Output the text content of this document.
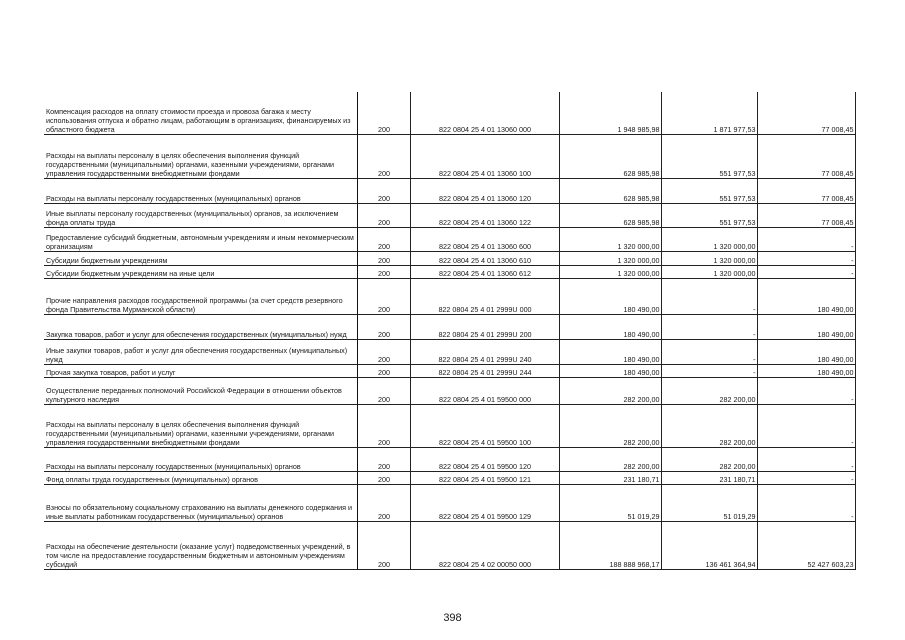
Компенсация расходов на оплату стоимости проезда и провоза багажа к месту использования отпуска и обратно лицам, работающим в организациях, финансируемых из областного бюджета	200	822 0804 25 4 01 13060 000	1 948 985,98	1 871 977,53	77 008,45
Расходы на выплаты персоналу в целях обеспечения выполнения функций государственными (муниципальными) органами, казенными учреждениями, органами управления государственными внебюджетными фондами	200	822 0804 25 4 01 13060 100	628 985,98	551 977,53	77 008,45
Расходы на выплаты персоналу государственных (муниципальных) органов	200	822 0804 25 4 01 13060 120	628 985,98	551 977,53	77 008,45
Иные выплаты персоналу государственных (муниципальных) органов, за исключением фонда оплаты труда	200	822 0804 25 4 01 13060 122	628 985,98	551 977,53	77 008,45
Предоставление субсидий бюджетным, автономным учреждениям и иным некоммерческим организациям	200	822 0804 25 4 01 13060 600	1 320 000,00	1 320 000,00	-
Субсидии бюджетным учреждениям	200	822 0804 25 4 01 13060 610	1 320 000,00	1 320 000,00	-
Субсидии бюджетным учреждениям на иные цели	200	822 0804 25 4 01 13060 612	1 320 000,00	1 320 000,00	-
Прочие направления расходов государственной программы (за счет средств резервного фонда Правительства Мурманской области)	200	822 0804 25 4 01 2999U 000	180 490,00	-	180 490,00
Закупка товаров, работ и услуг для обеспечения государственных (муниципальных) нужд	200	822 0804 25 4 01 2999U 200	180 490,00	-	180 490,00
Иные закупки товаров, работ и услуг для обеспечения государственных (муниципальных) нужд	200	822 0804 25 4 01 2999U 240	180 490,00	-	180 490,00
Прочая закупка товаров, работ и услуг	200	822 0804 25 4 01 2999U 244	180 490,00	-	180 490,00
Осуществление переданных полномочий Российской Федерации в отношении объектов культурного наследия	200	822 0804 25 4 01 59500 000	282 200,00	282 200,00	-
Расходы на выплаты персоналу в целях обеспечения выполнения функций государственными (муниципальными) органами, казенными учреждениями, органами управления государственными внебюджетными фондами	200	822 0804 25 4 01 59500 100	282 200,00	282 200,00	-
Расходы на выплаты персоналу государственных (муниципальных) органов	200	822 0804 25 4 01 59500 120	282 200,00	282 200,00	-
Фонд оплаты труда государственных (муниципальных) органов	200	822 0804 25 4 01 59500 121	231 180,71	231 180,71	-
Взносы по обязательному социальному страхованию на выплаты денежного содержания и иные выплаты работникам государственных (муниципальных) органов	200	822 0804 25 4 01 59500 129	51 019,29	51 019,29	-
Расходы на обеспечение деятельности (оказание услуг) подведомственных учреждений, в том числе на предоставление государственным бюджетным и автономным учреждениям субсидий	200	822 0804 25 4 02 00050 000	188 888 968,17	136 461 364,94	52 427 603,23
398
